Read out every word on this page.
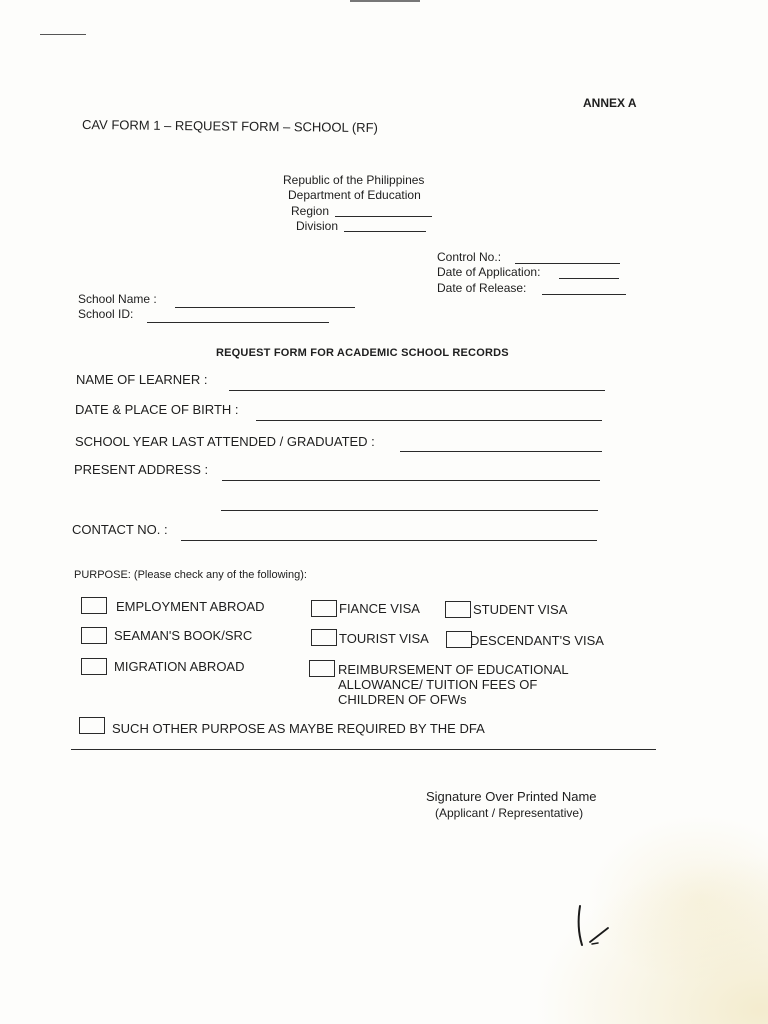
ANNEX A
CAV FORM 1 – REQUEST FORM – SCHOOL (RF)
Republic of the Philippines
Department of Education
Region
Division
Control No.:
Date of Application:
Date of Release:
School Name :
School ID:
REQUEST FORM FOR ACADEMIC SCHOOL RECORDS
NAME OF LEARNER :
DATE & PLACE OF BIRTH :
SCHOOL YEAR LAST ATTENDED / GRADUATED :
PRESENT ADDRESS :
CONTACT NO. :
PURPOSE: (Please check any of the following):
EMPLOYMENT ABROAD	FIANCE VISA	STUDENT VISA
SEAMAN'S BOOK/SRC	TOURIST VISA	DESCENDANT'S VISA
MIGRATION ABROAD	REIMBURSEMENT OF EDUCATIONAL
ALLOWANCE/ TUITION FEES OF
CHILDREN OF OFWs
SUCH OTHER PURPOSE AS MAYBE REQUIRED BY THE DFA
Signature Over Printed Name
(Applicant / Representative)
